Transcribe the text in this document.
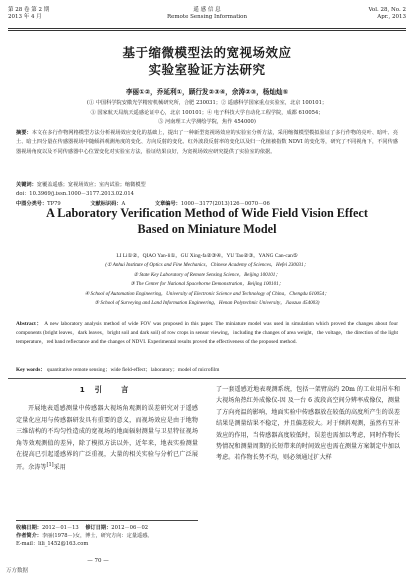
第 28 卷 第 2 期
2013 年 4 月
遥 感 信 息
Remote Sensing Information
Vol. 28, No. 2
Apr., 2013
基于缩微模型法的宽视场效应
实验室验证方法研究
李丽①②，乔延利①，顾行发②③④，余涛②③，杨灿灿⑤
(① 中国科学院安徽光学精密机械研究所，合肥 230031；② 遥感科学国家重点实验室，北京 100101；
③ 国家航天局航天遥感论证中心，北京 100101；④ 电子科技大学自动化工程学院，成都 610054；
⑤ 河南理工大学测绘学院，焦作 454000)
摘要：本文在多行作物网格模型方法分析视场效应变化的基础上，提出了一种新型宽视场效应的实验室分析方法，采用缩微模型模拟验证了多行作物的亮叶、暗叶、亮土、暗土四分量在传感器视场中随倾斜观测角度的变化、方向反射的变化、红外波段反射率的变化以及归一化植被指数 NDVI 的变化等，研究了不同视角下，不同传感器视场角度以及不同传感器中心位置变化对实验室方法，验证结果良好，为宽视场效应研究提供了实验室的依据。
关键词：宽覆盖遥感；宽视场效应；室内试验；缩微模型
doi：10.3969/j.issn.1000－3177.2013.02.014
中图分类号：TP79	文献标识码：A	文章编号：1000－3177(2013)126－0070－06
A Laboratory Verification Method of Wide Field Vision Effect
Based on Miniature Model
LI Li①②，QIAO Yan-li①，GU Xing-fa②③④，YU Tao②③，YANG Can-can⑤
(① Anhui Institute of Optics and Fine Mechanics，Chinese Academy of Sciences，Hefei 230031；
② State Key Laboratory of Remote Sensing Science，Beijing 100101；
③ The Center for National Spaceborne Demonstration，Beijing 100101；
④ School of Automation Engineering，University of Electronic Science and Technology of China，Chengdu 610054；
⑤ School of Surveying and Land Information Engineering，Henan Polytechnic University，Jiaozuo 454003)
Abstract： A new laboratory analysis method of wide FOV was proposed in this paper. The miniature model was used in simulation which proved the changes about four components (bright leaves，dark leaves，bright soil and dark soil) of row crops in sensor viewing，including the changes of area weight，the voltage，the direction of the light temperature，red band reflectance and the changes of NDVI. Experimental results proved the effectiveness of the proposed method.
Key words： quantitative remote sensing；wide field-effect；laboratory；model of microfilm
1 引　言
开展地表遥感测量中传感器大视场角观测的误差研究对于遥感定量化应用与传感器研发具有重要的意义，而视场效应是由于地物三维结构的不均匀性造成的宽视场的地面辐射测量与卫星特征视场角等效观测值的差异，除了模拟方法以外，近年来，地表实验测量在提高已引起遥感界的广泛重视，大量的相关实验与分析已广泛展开。余涛等[1]采用
了一套遥感近地表观测系统，包括一架臂高约 20m 的工业用吊车和大视场角热红外成像仪-因 及一台 6 波段高空间分辨率成像仪，测量了方向亮温的影响，地面实验中传感器放在较低的高度所产生的误差结果是测量结果不稳定，并且偏差较大。对于倾斜观测，虽然有互补效应的作用，当传感器高度较低时，误差也需加以考虑，同时作物长势情况和测量周期的长短带来的时间效应也需在测量方案制定中加以考虑。若作物长势不均，则必须通过扩大样
收稿日期：2012－01－13 修订日期：2012－06－02
作者简介：李丽(1978－)女，博士，研究方向：定量遥感。
E-mail：lili_1452@163.com
— 70 —
万方数据
